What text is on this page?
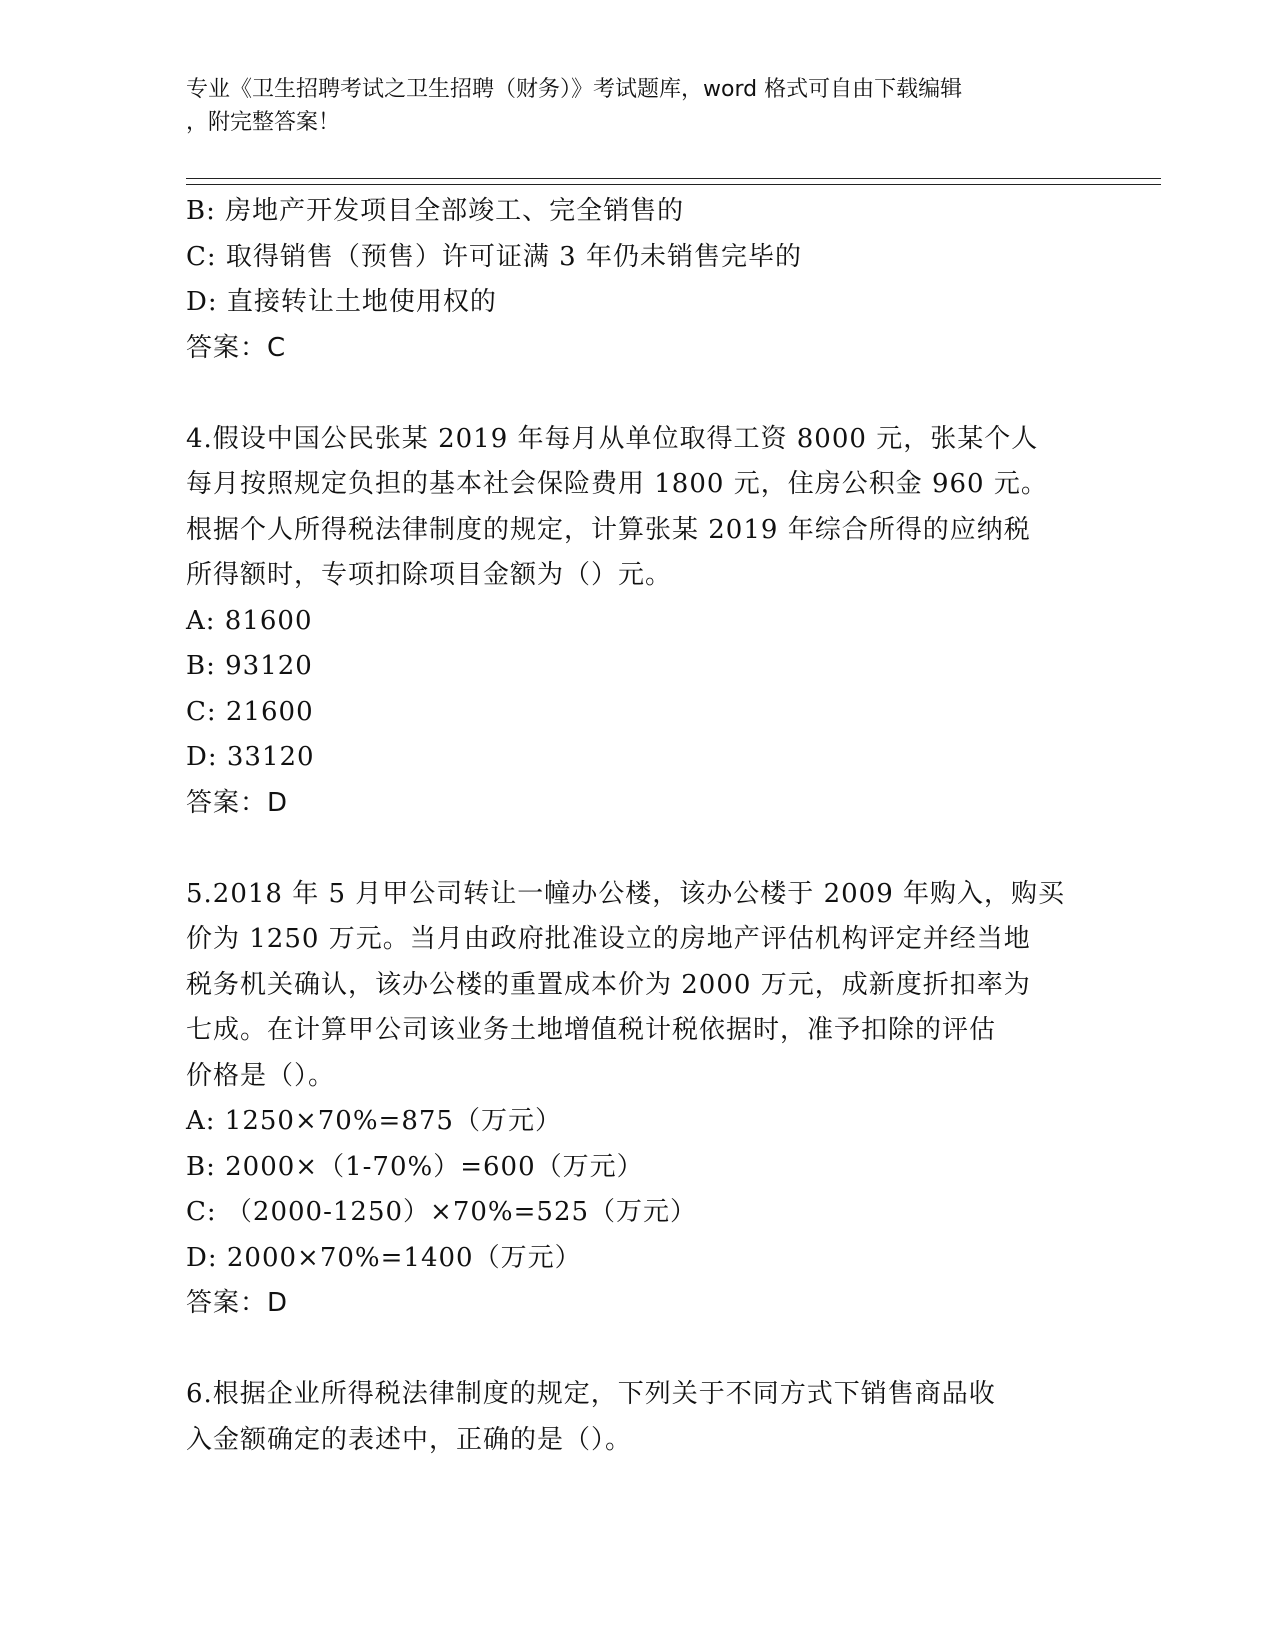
专业《卫生招聘考试之卫生招聘（财务）》考试题库，word 格式可自由下载编辑
，附完整答案！
B: 房地产开发项目全部竣工、完全销售的
C: 取得销售（预售）许可证满 3 年仍未销售完毕的
D: 直接转让土地使用权的
答案：C
4.假设中国公民张某 2019 年每月从单位取得工资 8000 元，张某个人
每月按照规定负担的基本社会保险费用 1800 元，住房公积金 960 元。
根据个人所得税法律制度的规定，计算张某 2019 年综合所得的应纳税
所得额时，专项扣除项目金额为（）元。
A: 81600
B: 93120
C: 21600
D: 33120
答案：D
5.2018 年 5 月甲公司转让一幢办公楼，该办公楼于 2009 年购入，购买
价为 1250 万元。当月由政府批准设立的房地产评估机构评定并经当地
税务机关确认，该办公楼的重置成本价为 2000 万元，成新度折扣率为
七成。在计算甲公司该业务土地增值税计税依据时，准予扣除的评估
价格是（）。
A: 1250×70%=875（万元）
B: 2000×（1-70%）=600（万元）
C: （2000-1250）×70%=525（万元）
D: 2000×70%=1400（万元）
答案：D
6.根据企业所得税法律制度的规定，下列关于不同方式下销售商品收
入金额确定的表述中，正确的是（）。
